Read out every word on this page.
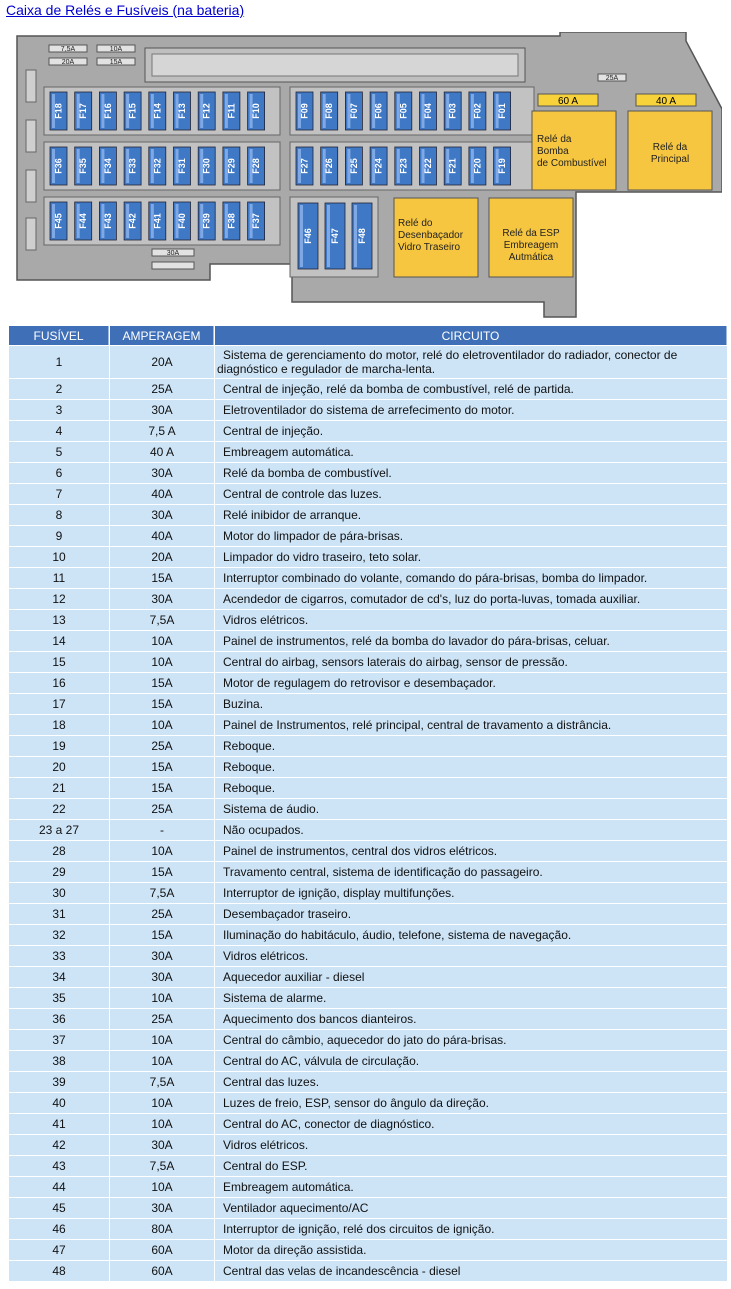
Caixa de Relés e Fusíveis (na bateria)
7,5A	10A
20A	15A
25A
30A
F18 F17 F16 F15 F14 F13 F12 F11 F10	F09 F08 F07 F06 F05 F04 F03 F02 F01
F36 F35 F34 F33 F32 F31 F30 F29 F28	F27 F26 F25 F24 F23 F22 F21 F20 F19
F45 F44 F43 F42 F41 F40 F39 F38 F37
F46 F47 F48
60 A	40 A
Relé da
Bomba
de Combustível
Relé da
Principal
Relé do
Desenbaçador
Vidro Traseiro
Relé da ESP
Embreagem
Autmática
FUSÍVEL	AMPERAGEM	CIRCUITO
1	20A	Sistema de gerenciamento do motor, relé do eletroventilador do radiador, conector de diagnóstico e regulador de marcha-lenta.
2	25A	Central de injeção, relé da bomba de combustível, relé de partida.
3	30A	Eletroventilador do sistema de arrefecimento do motor.
4	7,5 A	Central de injeção.
5	40 A	Embreagem automática.
6	30A	Relé da bomba de combustível.
7	40A	Central de controle das luzes.
8	30A	Relé inibidor de arranque.
9	40A	Motor do limpador de pára-brisas.
10	20A	Limpador do vidro traseiro, teto solar.
11	15A	Interruptor combinado do volante, comando do pára-brisas, bomba do limpador.
12	30A	Acendedor de cigarros, comutador de cd's, luz do porta-luvas, tomada auxiliar.
13	7,5A	Vidros elétricos.
14	10A	Painel de instrumentos, relé da bomba do lavador do pára-brisas, celuar.
15	10A	Central do airbag, sensors laterais do airbag, sensor de pressão.
16	15A	Motor de regulagem do retrovisor e desembaçador.
17	15A	Buzina.
18	10A	Painel de Instrumentos, relé principal, central de travamento a distrância.
19	25A	Reboque.
20	15A	Reboque.
21	15A	Reboque.
22	25A	Sistema de áudio.
23 a 27	-	Não ocupados.
28	10A	Painel de instrumentos, central dos vidros elétricos.
29	15A	Travamento central, sistema de identificação do passageiro.
30	7,5A	Interruptor de ignição, display multifunções.
31	25A	Desembaçador traseiro.
32	15A	Iluminação do habitáculo, áudio, telefone, sistema de navegação.
33	30A	Vidros elétricos.
34	30A	Aquecedor auxiliar - diesel
35	10A	Sistema de alarme.
36	25A	Aquecimento dos bancos dianteiros.
37	10A	Central do câmbio, aquecedor do jato do pára-brisas.
38	10A	Central do AC, válvula de circulação.
39	7,5A	Central das luzes.
40	10A	Luzes de freio, ESP, sensor do ângulo da direção.
41	10A	Central do AC, conector de diagnóstico.
42	30A	Vidros elétricos.
43	7,5A	Central do ESP.
44	10A	Embreagem automática.
45	30A	Ventilador aquecimento/AC
46	80A	Interruptor de ignição, relé dos circuitos de ignição.
47	60A	Motor da direção assistida.
48	60A	Central das velas de incandescência - diesel
